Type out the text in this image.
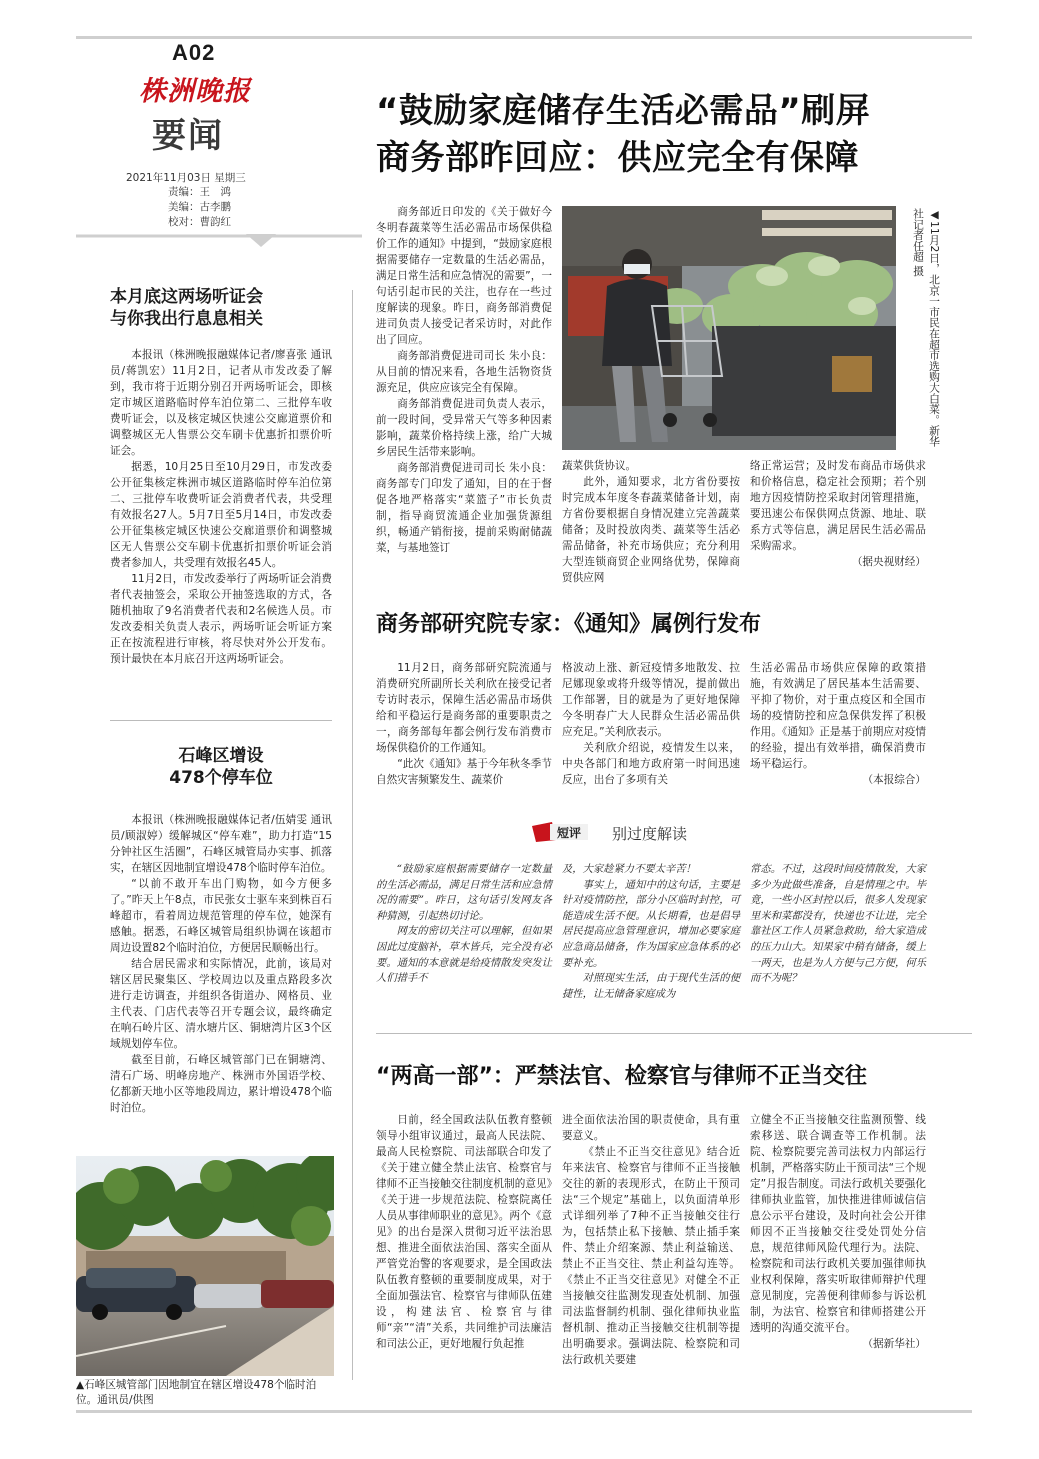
A02
株洲晚报
要闻
2021年11月03日 星期三
责编：王　鸿
美编：古李鹏
校对：曹韵红
本月底这两场听证会
与你我出行息息相关

本报讯（株洲晚报融媒体记者/廖喜张 通讯员/蒋凯宏）11月2日，记者从市发改委了解到，我市将于近期分别召开两场听证会，即核定市城区道路临时停车泊位第二、三批停车收费听证会，以及核定城区快速公交廊道票价和调整城区无人售票公交车刷卡优惠折扣票价听证会。

据悉，10月25日至10月29日，市发改委公开征集核定株洲市城区道路临时停车泊位第二、三批停车收费听证会消费者代表，共受理有效报名27人。5月7日至5月14日，市发改委公开征集核定城区快速公交廊道票价和调整城区无人售票公交车刷卡优惠折扣票价听证会消费者参加人，共受理有效报名45人。

11月2日，市发改委举行了两场听证会消费者代表抽签会，采取公开抽签选取的方式，各随机抽取了9名消费者代表和2名候选人员。市发改委相关负责人表示，两场听证会听证方案正在按流程进行审核，将尽快对外公开发布。预计最快在本月底召开这两场听证会。

石峰区增设
478个停车位

本报讯（株洲晚报融媒体记者/伍婧雯 通讯员/顾淑婷）缓解城区“停车难”，助力打造“15分钟社区生活圈”，石峰区城管局办实事、抓落实，在辖区因地制宜增设478个临时停车泊位。

“以前不敢开车出门购物，如今方便多了。”昨天上午8点，市民张女士驱车来到株百石峰超市，看着周边规范管理的停车位，她深有感触。据悉，石峰区城管局组织协调在该超市周边设置82个临时泊位，方便居民顺畅出行。

结合居民需求和实际情况，此前，该局对辖区居民聚集区、学校周边以及重点路段多次进行走访调查，并组织各街道办、网格员、业主代表、门店代表等召开专题会议，最终确定在响石岭片区、清水塘片区、铜塘湾片区3个区域规划停车位。

截至目前，石峰区城管部门已在铜塘湾、清石广场、明峰房地产、株洲市外国语学校、亿都新天地小区等地段周边，累计增设478个临时泊位。

▲石峰区城管部门因地制宜在辖区增设478个临时泊位。通讯员/供图
“鼓励家庭储存生活必需品”刷屏
商务部昨回应：供应完全有保障

商务部近日印发的《关于做好今冬明春蔬菜等生活必需品市场保供稳价工作的通知》中提到，“鼓励家庭根据需要储存一定数量的生活必需品，满足日常生活和应急情况的需要”，一句话引起市民的关注，也存在一些过度解读的现象。昨日，商务部消费促进司负责人接受记者采访时，对此作出了回应。

商务部消费促进司司长 朱小良：从目前的情况来看，各地生活物资货源充足，供应应该完全有保障。

商务部消费促进司负责人表示，前一段时间，受异常天气等多种因素影响，蔬菜价格持续上涨，给广大城乡居民生活带来影响。

商务部消费促进司司长 朱小良：商务部专门印发了通知，目的在于督促各地严格落实“菜篮子”市长负责制，指导商贸流通企业加强货源组织，畅通产销衔接，提前采购耐储蔬菜，与基地签订

◀11月2日，北京一市民在超市选购大白菜。新华社记者任超 摄

蔬菜供货协议。

此外，通知要求，北方省份要按时完成本年度冬春蔬菜储备计划，南方省份要根据自身情况建立完善蔬菜储备；及时投放肉类、蔬菜等生活必需品储备，补充市场供应；充分利用大型连锁商贸企业网络优势，保障商贸供应网

络正常运营；及时发布商品市场供求和价格信息，稳定社会预期；若个别地方因疫情防控采取封闭管理措施，要迅速公布保供网点货源、地址、联系方式等信息，满足居民生活必需品采购需求。

（据央视财经）
商务部研究院专家：《通知》属例行发布

11月2日，商务部研究院流通与消费研究所副所长关利欣在接受记者专访时表示，保障生活必需品市场供给和平稳运行是商务部的重要职责之一，商务部每年都会例行发布消费市场保供稳价的工作通知。

“此次《通知》基于今年秋冬季节自然灾害频繁发生、蔬菜价

格波动上涨、新冠疫情多地散发、拉尼娜现象或将升级等情况，提前做出工作部署，目的就是为了更好地保障今冬明春广大人民群众生活必需品供应充足。”关利欣表示。

关利欣介绍说，疫情发生以来，中央各部门和地方政府第一时间迅速反应，出台了多项有关

生活必需品市场供应保障的政策措施，有效满足了居民基本生活需要、平抑了物价，对于重点疫区和全国市场的疫情防控和应急保供发挥了积极作用。《通知》正是基于前期应对疫情的经验，提出有效举措，确保消费市场平稳运行。

（本报综合）
短评 别过度解读

“鼓励家庭根据需要储存一定数量的生活必需品，满足日常生活和应急情况的需要”。昨日，这句话引发网友各种猜测，引起热切讨论。

网友的密切关注可以理解，但如果因此过度脑补，草木皆兵，完全没有必要。通知的本意就是给疫情散发突发让人们措手不

及，大家趁紧力不要太辛苦！

事实上，通知中的这句话，主要是针对疫情防控，部分小区临时封控，可能造成生活不便。从长期看，也是倡导居民提高应急管理意识，增加必要家庭应急商品储备，作为国家应急体系的必要补充。

对照现实生活，由于现代生活的便捷性，让无储备家庭成为

常态。不过，这段时间疫情散发，大家多少为此做些准备，自是情理之中。毕竟，一些小区封控以后，很多人发现家里米和菜都没有，快递也不让进，完全靠社区工作人员紧急救助，给大家造成的压力山大。知果家中稍有储备，缓上一两天，也是为人方便与己方便，何乐而不为呢？

“两高一部”：严禁法官、检察官与律师不正当交往

日前，经全国政法队伍教育整顿领导小组审议通过，最高人民法院、最高人民检察院、司法部联合印发了《关于建立健全禁止法官、检察官与律师不正当接触交往制度机制的意见》《关于进一步规范法院、检察院离任人员从事律师职业的意见》。两个《意见》的出台是深入贯彻习近平法治思想、推进全面依法治国、落实全面从严管党治警的客观要求，是全国政法队伍教育整顿的重要制度成果，对于全面加强法官、检察官与律师队伍建设，构建法官、检察官与律师“亲”“清”关系，共同维护司法廉洁和司法公正，更好地履行负起推

进全面依法治国的职责使命，具有重要意义。

《禁止不正当交往意见》结合近年来法官、检察官与律师不正当接触交往的新的表现形式，在防止干预司法“三个规定”基础上，以负面清单形式详细列举了7种不正当接触交往行为，包括禁止私下接触、禁止插手案件、禁止介绍案源、禁止利益输送、禁止不正当交往、禁止利益勾连等。《禁止不正当交往意见》对健全不正当接触交往监测发现查处机制、加强司法监督制约机制、强化律师执业监督机制、推动正当接触交往机制等提出明确要求。强调法院、检察院和司法行政机关要建

立健全不正当接触交往监测预警、线索移送、联合调查等工作机制。法院、检察院要完善司法权力内部运行机制，严格落实防止干预司法“三个规定”月报告制度。司法行政机关要强化律师执业监管，加快推进律师诚信信息公示平台建设，及时向社会公开律师因不正当接触交往受处罚处分信息，规范律师风险代理行为。法院、检察院和司法行政机关要加强律师执业权利保障，落实听取律师辩护代理意见制度，完善便利律师参与诉讼机制，为法官、检察官和律师搭建公开透明的沟通交流平台。

（据新华社）
